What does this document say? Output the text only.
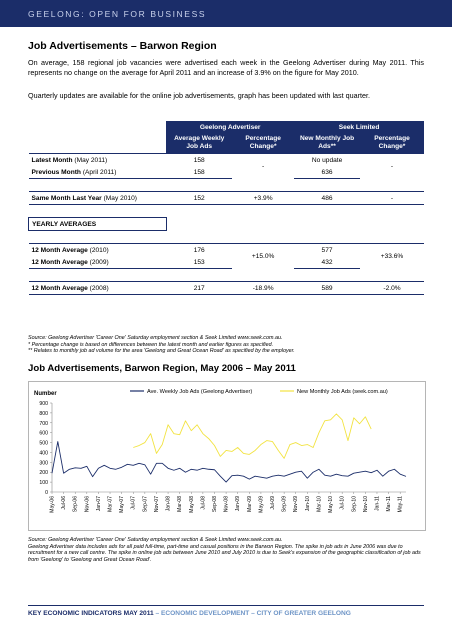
GEELONG: OPEN FOR BUSINESS
Job Advertisements – Barwon Region
On average, 158 regional job vacancies were advertised each week in the Geelong Advertiser during May 2011. This represents no change on the average for April 2011 and an increase of 3.9% on the figure for May 2010.
Quarterly updates are available for the online job advertisements, graph has been updated with last quarter.
	Geelong Advertiser		Seek Limited	
	Average Weekly Job Ads	Percentage Change*	New Monthly Job Ads**	Percentage Change*
Latest Month (May 2011)	158	-	No update	-
Previous Month (April 2011)	158		636	

Same Month Last Year (May 2010)	152	+3.9%	486	-

YEARLY AVERAGES				

12 Month Average (2010)	176	+15.0%	577	+33.6%
12 Month Average (2009)	153		432	

12 Month Average (2008)	217	-18.9%	589	-2.0%
Source: Geelong Advertiser 'Career One' Saturday employment section & Seek Limited www.seek.com.au.
* Percentage change is based on differences between the latest month and earlier figures as specified.
** Relates to monthly job ad volume for the area 'Geelong and Great Ocean Road' as specified by the employer.
Job Advertisements, Barwon Region, May 2006 – May 2011
Number
0
100
200
300
400
500
600
700
800
900
May-06 Jul-06 Sep-06 Nov-06 Jan-07 Mar-07 May-07 Jul-07 Sep-07 Nov-07 Jan-08 Mar-08 May-08 Jul-08 Sep-08 Nov-08 Jan-09 Mar-09 May-09 Jul-09 Sep-09 Nov-09 Jan-10 Mar-10 May-10 Jul-10 Sep-10 Nov-10 Jan-11 Mar-11 May-11
Ave. Weekly Job Ads (Geelong Advertiser)	New Monthly Job Ads (seek.com.au)
Source: Geelong Advertiser 'Career One' Saturday employment section & Seek Limited www.seek.com.au.
Geelong Advertiser data includes ads for all paid full-time, part-time and casual positions in the Barwon Region. The spike in job ads in June 2006 was due to recruitment for a new call centre. The spike in online job ads between June 2010 and July 2010 is due to Seek's expansion of the geographic classification of job ads from 'Geelong' to 'Geelong and Great Ocean Road'.
KEY ECONOMIC INDICATORS MAY 2011 – ECONOMIC DEVELOPMENT – CITY OF GREATER GEELONG
